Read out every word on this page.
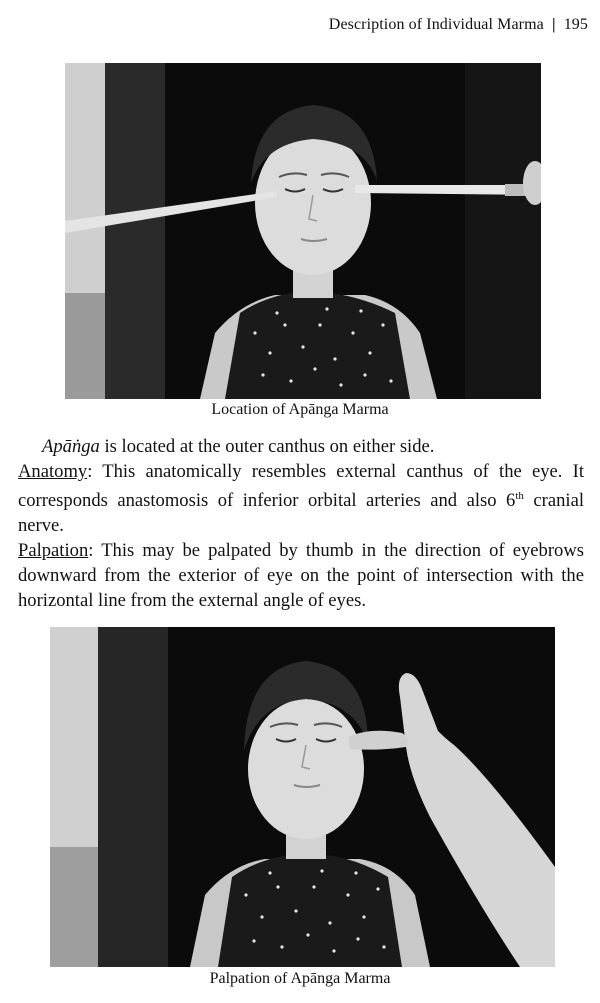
Description of Individual Marma | 195
Location of Apānga Marma

Apāṅga is located at the outer canthus on either side.

Anatomy: This anatomically resembles external canthus of the eye. It corresponds anastomosis of inferior orbital arteries and also 6th cranial nerve.

Palpation: This may be palpated by thumb in the direction of eyebrows downward from the exterior of eye on the point of intersection with the horizontal line from the external angle of eyes.

Palpation of Apānga Marma
